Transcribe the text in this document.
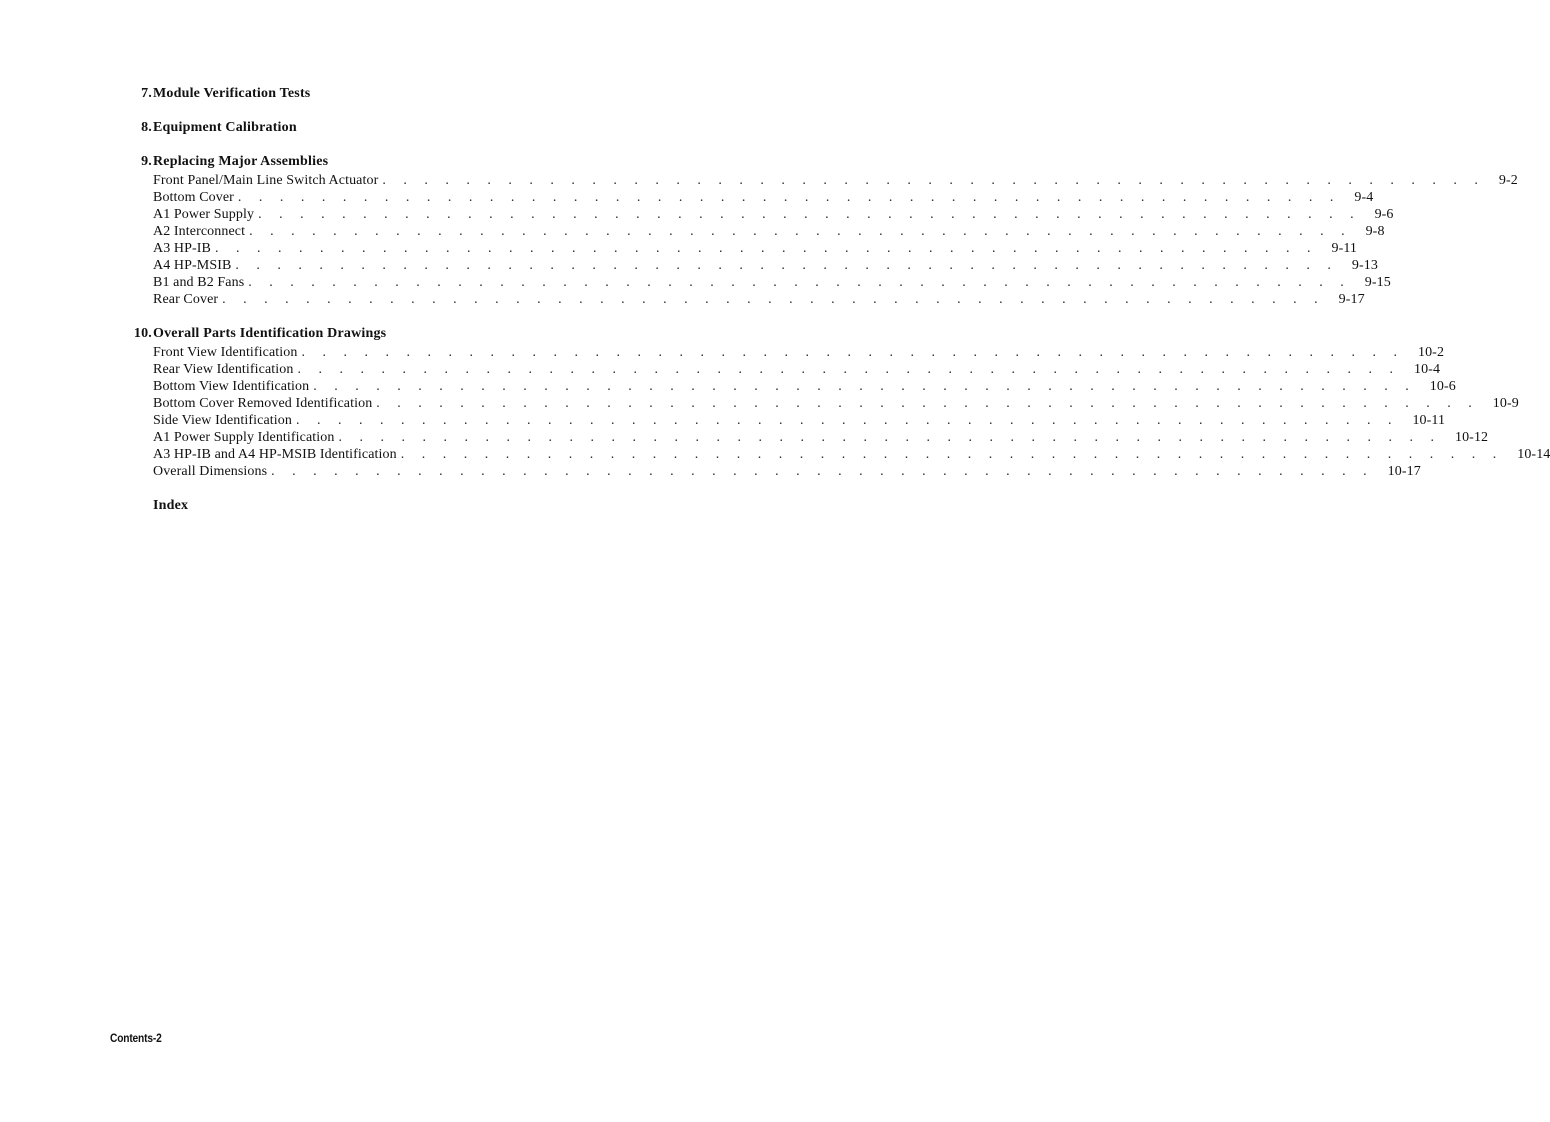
7. Module Verification Tests
8. Equipment Calibration
9. Replacing Major Assemblies
Front Panel/Main Line Switch Actuator . . . . . . . . . . . . . . . . . . . . . . . . . . . . . . . . . . . . . . . . . . . . . . . . . . . . . 9-2
Bottom Cover . . . . . . . . . . . . . . . . . . . . . . . . . . . . . . . . . . . . . . . . . . . . . . . . . . . . . 9-4
A1 Power Supply . . . . . . . . . . . . . . . . . . . . . . . . . . . . . . . . . . . . . . . . . . . . . . . . . . . . . 9-6
A2 Interconnect . . . . . . . . . . . . . . . . . . . . . . . . . . . . . . . . . . . . . . . . . . . . . . . . . . . . . 9-8
A3 HP-IB . . . . . . . . . . . . . . . . . . . . . . . . . . . . . . . . . . . . . . . . . . . . . . . . . . . . . 9-11
A4 HP-MSIB . . . . . . . . . . . . . . . . . . . . . . . . . . . . . . . . . . . . . . . . . . . . . . . . . . . . . 9-13
B1 and B2 Fans . . . . . . . . . . . . . . . . . . . . . . . . . . . . . . . . . . . . . . . . . . . . . . . . . . . . . 9-15
Rear Cover . . . . . . . . . . . . . . . . . . . . . . . . . . . . . . . . . . . . . . . . . . . . . . . . . . . . . 9-17
10. Overall Parts Identification Drawings
Front View Identification . . . . . . . . . . . . . . . . . . . . . . . . . . . . . . . . . . . . . . . . . . . . . . . . . . . . . 10-2
Rear View Identification . . . . . . . . . . . . . . . . . . . . . . . . . . . . . . . . . . . . . . . . . . . . . . . . . . . . . 10-4
Bottom View Identification . . . . . . . . . . . . . . . . . . . . . . . . . . . . . . . . . . . . . . . . . . . . . . . . . . . . . 10-6
Bottom Cover Removed Identification . . . . . . . . . . . . . . . . . . . . . . . . . . . . . . . . . . . . . . . . . . . . . . . . . . . . . 10-9
Side View Identification . . . . . . . . . . . . . . . . . . . . . . . . . . . . . . . . . . . . . . . . . . . . . . . . . . . . . 10-11
A1 Power Supply Identification . . . . . . . . . . . . . . . . . . . . . . . . . . . . . . . . . . . . . . . . . . . . . . . . . . . . . 10-12
A3 HP-IB and A4 HP-MSIB Identification . . . . . . . . . . . . . . . . . . . . . . . . . . . . . . . . . . . . . . . . . . . . . . . . . . . . . 10-14
Overall Dimensions . . . . . . . . . . . . . . . . . . . . . . . . . . . . . . . . . . . . . . . . . . . . . . . . . . . . . 10-17
Index
Contents-2
